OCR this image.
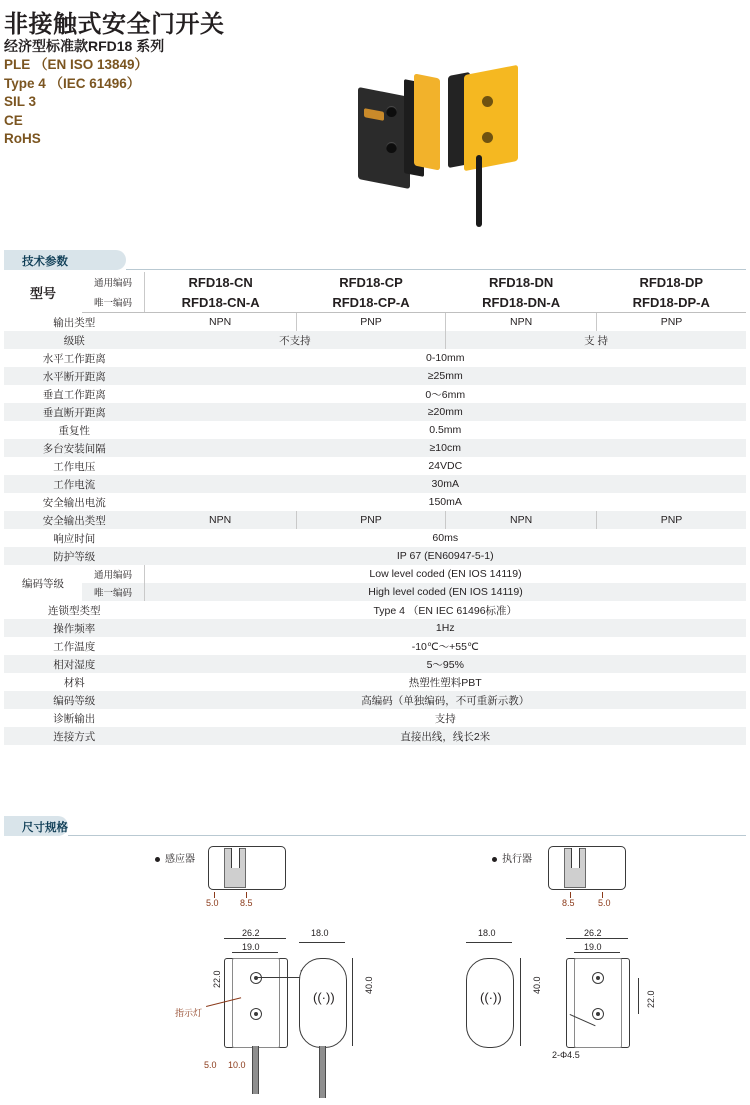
非接触式安全门开关
经济型标准款RFD18 系列
PLE （EN ISO 13849）
Type 4 （IEC 61496）
SIL 3
CE
RoHS
技术参数
型号	通用编码	RFD18-CN	RFD18-CP	RFD18-DN	RFD18-DP
	唯一编码	RFD18-CN-A	RFD18-CP-A	RFD18-DN-A	RFD18-DP-A
输出类型		NPN	PNP	NPN	PNP
级联		不支持		支 持	
水平工作距离		0-10mm			
水平断开距离		≥25mm			
垂直工作距离		0〜6mm			
垂直断开距离		≥20mm			
重复性		0.5mm			
多台安装间隔		≥10cm			
工作电压		24VDC			
工作电流		30mA			
安全输出电流		150mA			
安全输出类型		NPN	PNP	NPN	PNP
响应时间		60ms			
防护等级		IP 67 (EN60947-5-1)			
编码等级	通用编码	Low level coded (EN IOS 14119)			
	唯一编码	High level coded (EN IOS 14119)			
连锁型类型		Type 4 （EN IEC 61496标准）			
操作频率		1Hz			
工作温度		-10℃〜+55℃			
相对湿度		5〜95%			
材料		热塑性塑料PBT			
编码等级		高编码（单独编码，不可重新示教）			
诊断输出		支持			
连接方式		直接出线，线长2米			
尺寸规格
感应器
5.0 8.5
26.2
19.0
22.0
指示灯
5.0 10.0
18.0
((·))
40.0
执行器
8.5	5.0
18.0
((·))
40.0
26.2
19.0
22.0
2-Φ4.5
